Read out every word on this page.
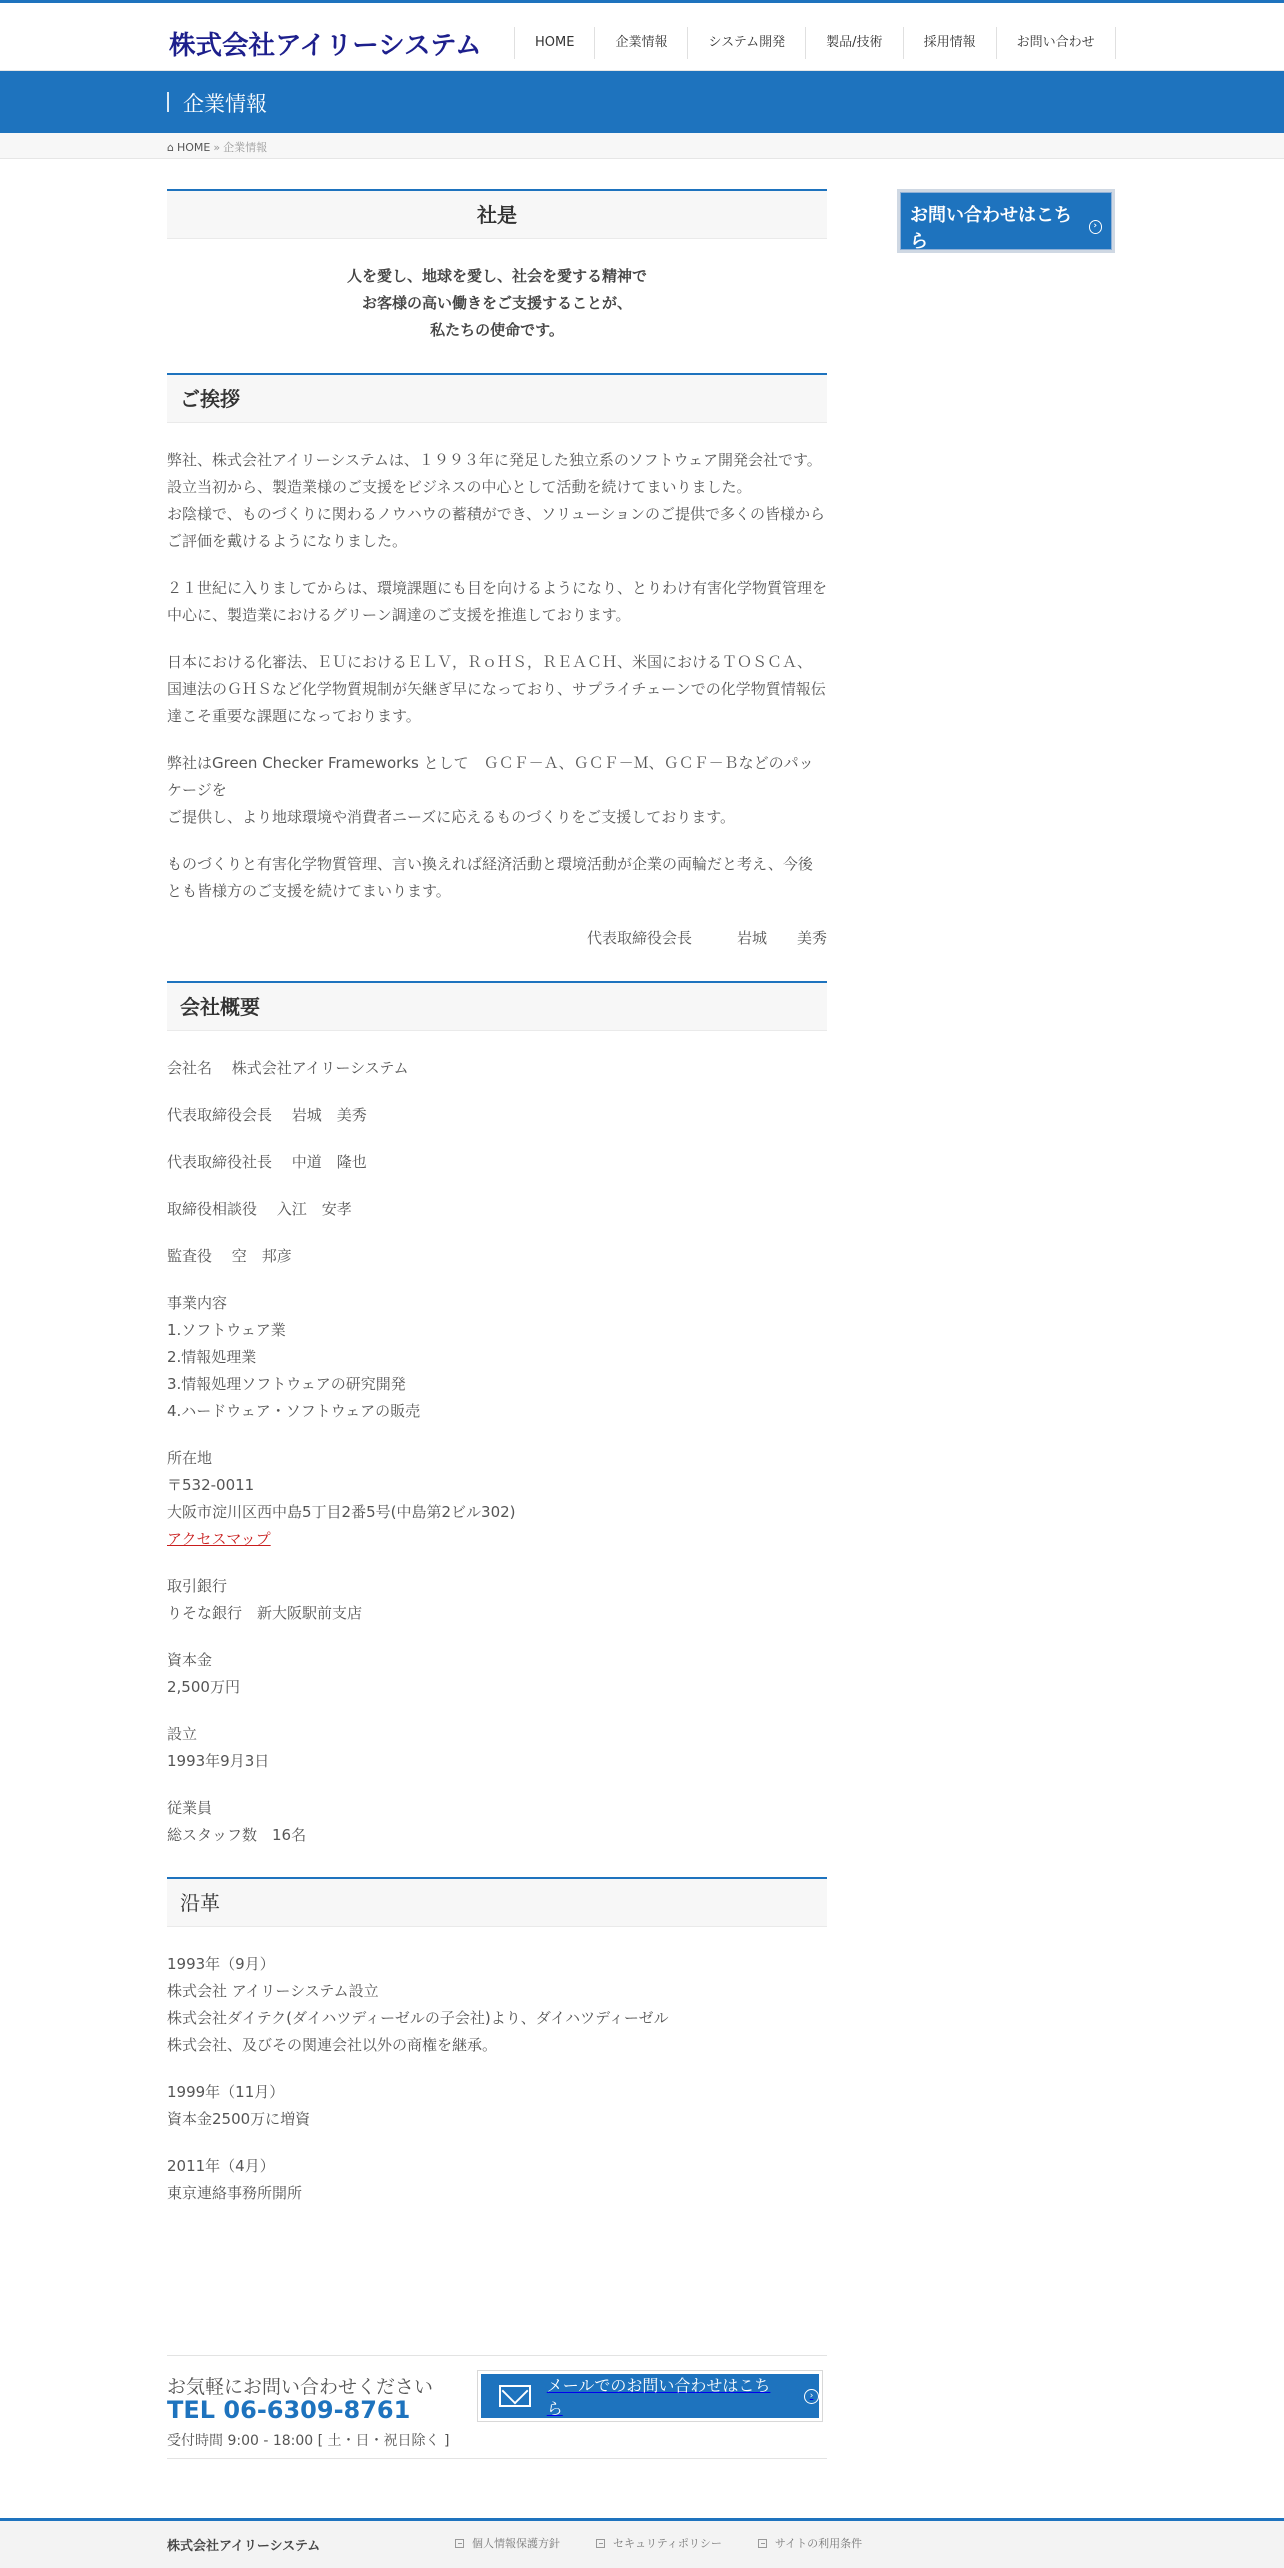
株式会社アイリーシステム	HOME	企業情報	システム開発	製品/技術	採用情報	お問い合わせ
企業情報
⌂ HOME » 企業情報
社是
人を愛し、地球を愛し、社会を愛する精神で
お客様の高い働きをご支援することが、
私たちの使命です。
ご挨拶
弊社、株式会社アイリーシステムは、１９９３年に発足した独立系のソフトウェア開発会社です。
設立当初から、製造業様のご支援をビジネスの中心として活動を続けてまいりました。
お陰様で、ものづくりに関わるノウハウの蓄積ができ、ソリューションのご提供で多くの皆様から
ご評価を戴けるようになりました。
２１世紀に入りましてからは、環境課題にも目を向けるようになり、とりわけ有害化学物質管理を中心に、製造業におけるグリーン調達のご支援を推進しております。
日本における化審法、ＥＵにおけるＥＬＶ，ＲｏＨＳ，ＲＥＡＣＨ、米国におけるＴＯＳＣＡ、
国連法のＧＨＳなど化学物質規制が矢継ぎ早になっており、サプライチェーンでの化学物質情報伝達こそ重要な課題になっております。
弊社はGreen Checker Frameworks として　ＧＣＦ－Ａ、ＧＣＦ－Ｍ、ＧＣＦ－Ｂなどのパッケージを
ご提供し、より地球環境や消費者ニーズに応えるものづくりをご支援しております。
ものづくりと有害化学物質管理、言い換えれば経済活動と環境活動が企業の両輪だと考え、今後とも皆様方のご支援を続けてまいります。
代表取締役会長　　　岩城　　美秀
会社概要
会社名　 株式会社アイリーシステム
代表取締役会長　 岩城　美秀
代表取締役社長　 中道　隆也
取締役相談役　 入江　安孝
監査役　 空　邦彦
事業内容
1.ソフトウェア業
2.情報処理業
3.情報処理ソフトウェアの研究開発
4.ハードウェア・ソフトウェアの販売
所在地
〒532-0011
大阪市淀川区西中島5丁目2番5号(中島第2ビル302)
アクセスマップ
取引銀行
りそな銀行　新大阪駅前支店
資本金
2,500万円
設立
1993年9月3日
従業員
総スタッフ数　16名
沿革
1993年（9月）
株式会社 アイリーシステム設立
株式会社ダイテク(ダイハツディーゼルの子会社)より、ダイハツディーゼル
株式会社、及びその関連会社以外の商権を継承。
1999年（11月）
資本金2500万に増資
2011年（4月）
東京連絡事務所開所
お問い合わせはこちら
›
お気軽にご相談・お問い合わせ下さい。
お気軽にお問い合わせください
TEL 06-6309-8761
受付時間 9:00 - 18:00 [ 土・日・祝日除く ]
メールでのお問い合わせはこちら
›
株式会社アイリーシステム	個人情報保護方針	セキュリティポリシー	サイトの利用条件
